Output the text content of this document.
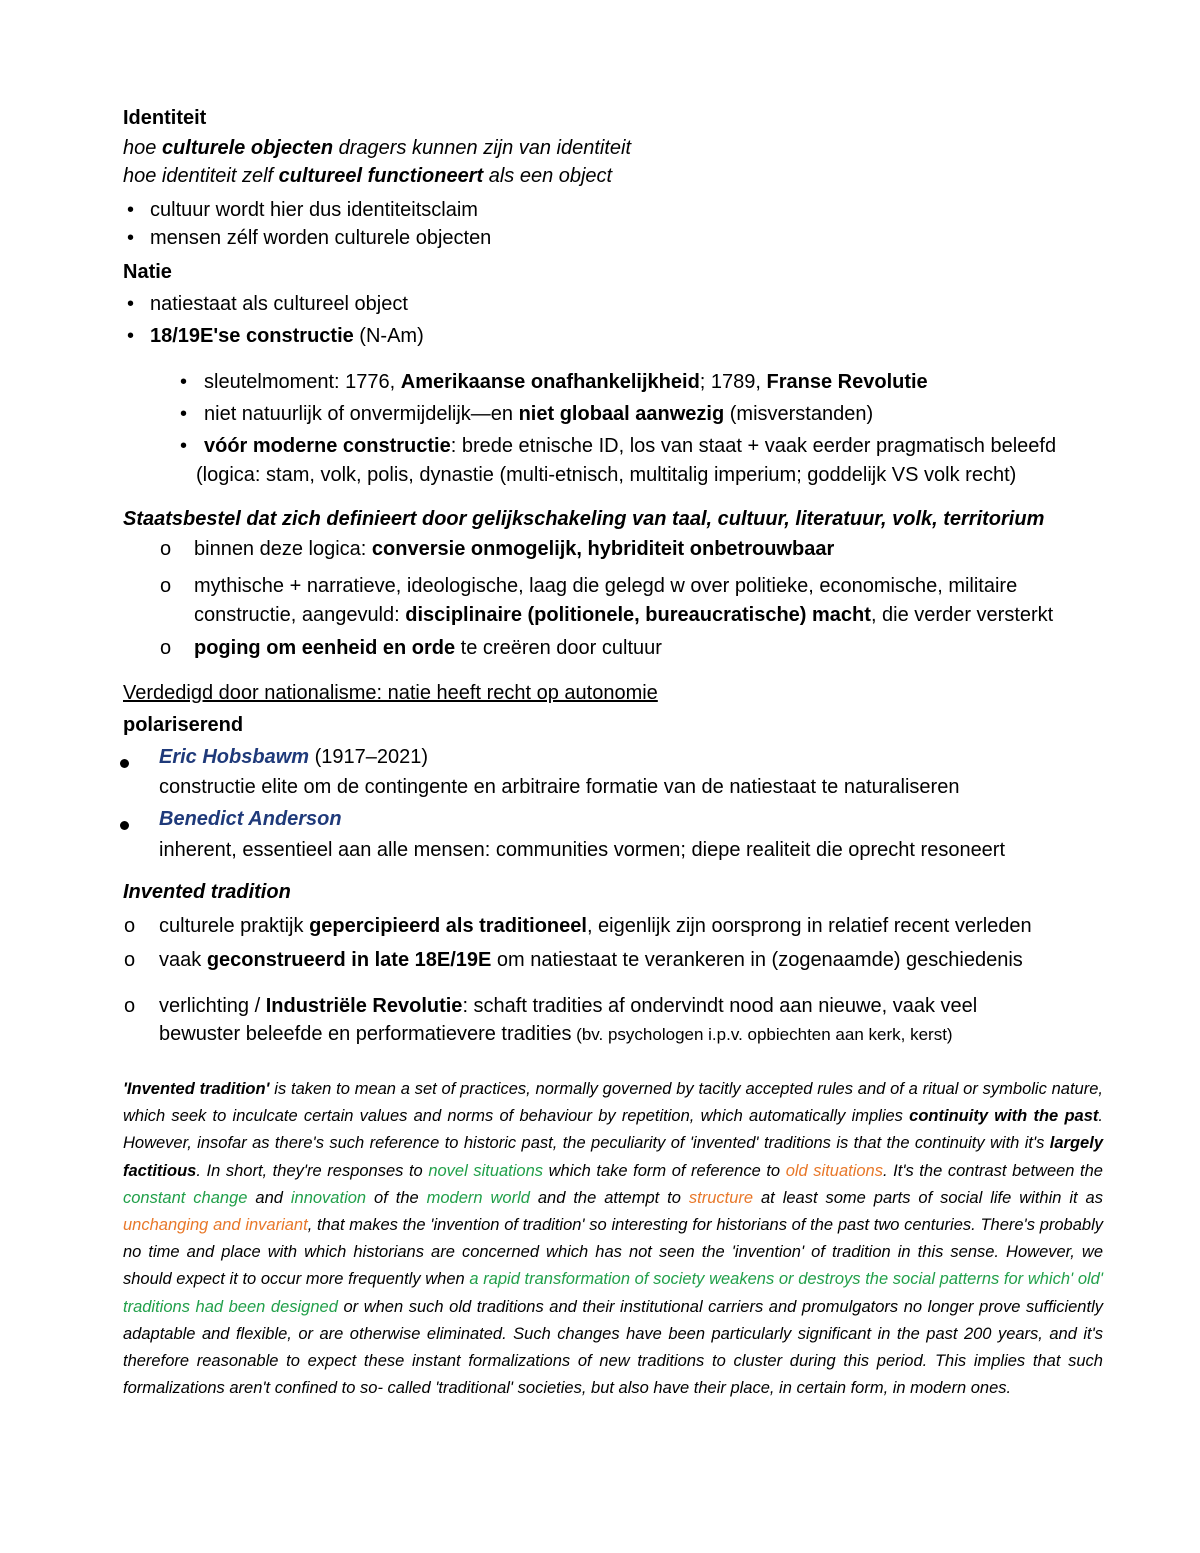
Identiteit
hoe culturele objecten dragers kunnen zijn van identiteit
hoe identiteit zelf cultureel functioneert als een object
• cultuur wordt hier dus identiteitsclaim
• mensen zélf worden culturele objecten
Natie
• natiestaat als cultureel object
• 18/19E'se constructie (N-Am)
• sleutelmoment: 1776, Amerikaanse onafhankelijkheid; 1789, Franse Revolutie
• niet natuurlijk of onvermijdelijk—en niet globaal aanwezig (misverstanden)
• vóór moderne constructie: brede etnische ID, los van staat + vaak eerder pragmatisch beleefd
(logica: stam, volk, polis, dynastie (multi-etnisch, multitalig imperium; goddelijk VS volk recht)
Staatsbestel dat zich definieert door gelijkschakeling van taal, cultuur, literatuur, volk, territorium
o binnen deze logica: conversie onmogelijk, hybriditeit onbetrouwbaar
o mythische + narratieve, ideologische, laag die gelegd w over politieke, economische, militaire
constructie, aangevuld: disciplinaire (politionele, bureaucratische) macht, die verder versterkt
o poging om eenheid en orde te creëren door cultuur
Verdedigd door nationalisme: natie heeft recht op autonomie
polariserend
Eric Hobsbawm (1917–2021)
constructie elite om de contingente en arbitraire formatie van de natiestaat te naturaliseren
Benedict Anderson
inherent, essentieel aan alle mensen: communities vormen; diepe realiteit die oprecht resoneert
Invented tradition
o culturele praktijk gepercipieerd als traditioneel, eigenlijk zijn oorsprong in relatief recent verleden
o vaak geconstrueerd in late 18E/19E om natiestaat te verankeren in (zogenaamde) geschiedenis
o verlichting / Industriële Revolutie: schaft tradities af ondervindt nood aan nieuwe, vaak veel
bewuster beleefde en performatievere tradities (bv. psychologen i.p.v. opbiechten aan kerk, kerst)
'Invented tradition' is taken to mean a set of practices, normally governed by tacitly accepted rules and of a ritual or symbolic nature, which seek to inculcate certain values and norms of behaviour by repetition, which automatically implies continuity with the past. However, insofar as there's such reference to historic past, the peculiarity of 'invented' traditions is that the continuity with it's largely factitious. In short, they're responses to novel situations which take form of reference to old situations. It's the contrast between the constant change and innovation of the modern world and the attempt to structure at least some parts of social life within it as unchanging and invariant, that makes the 'invention of tradition' so interesting for historians of the past two centuries. There's probably no time and place with which historians are concerned which has not seen the 'invention' of tradition in this sense. However, we should expect it to occur more frequently when a rapid transformation of society weakens or destroys the social patterns for which' old' traditions had been designed or when such old traditions and their institutional carriers and promulgators no longer prove sufficiently adaptable and flexible, or are otherwise eliminated. Such changes have been particularly significant in the past 200 years, and it's therefore reasonable to expect these instant formalizations of new traditions to cluster during this period. This implies that such formalizations aren't confined to so- called 'traditional' societies, but also have their place, in certain form, in modern ones.
